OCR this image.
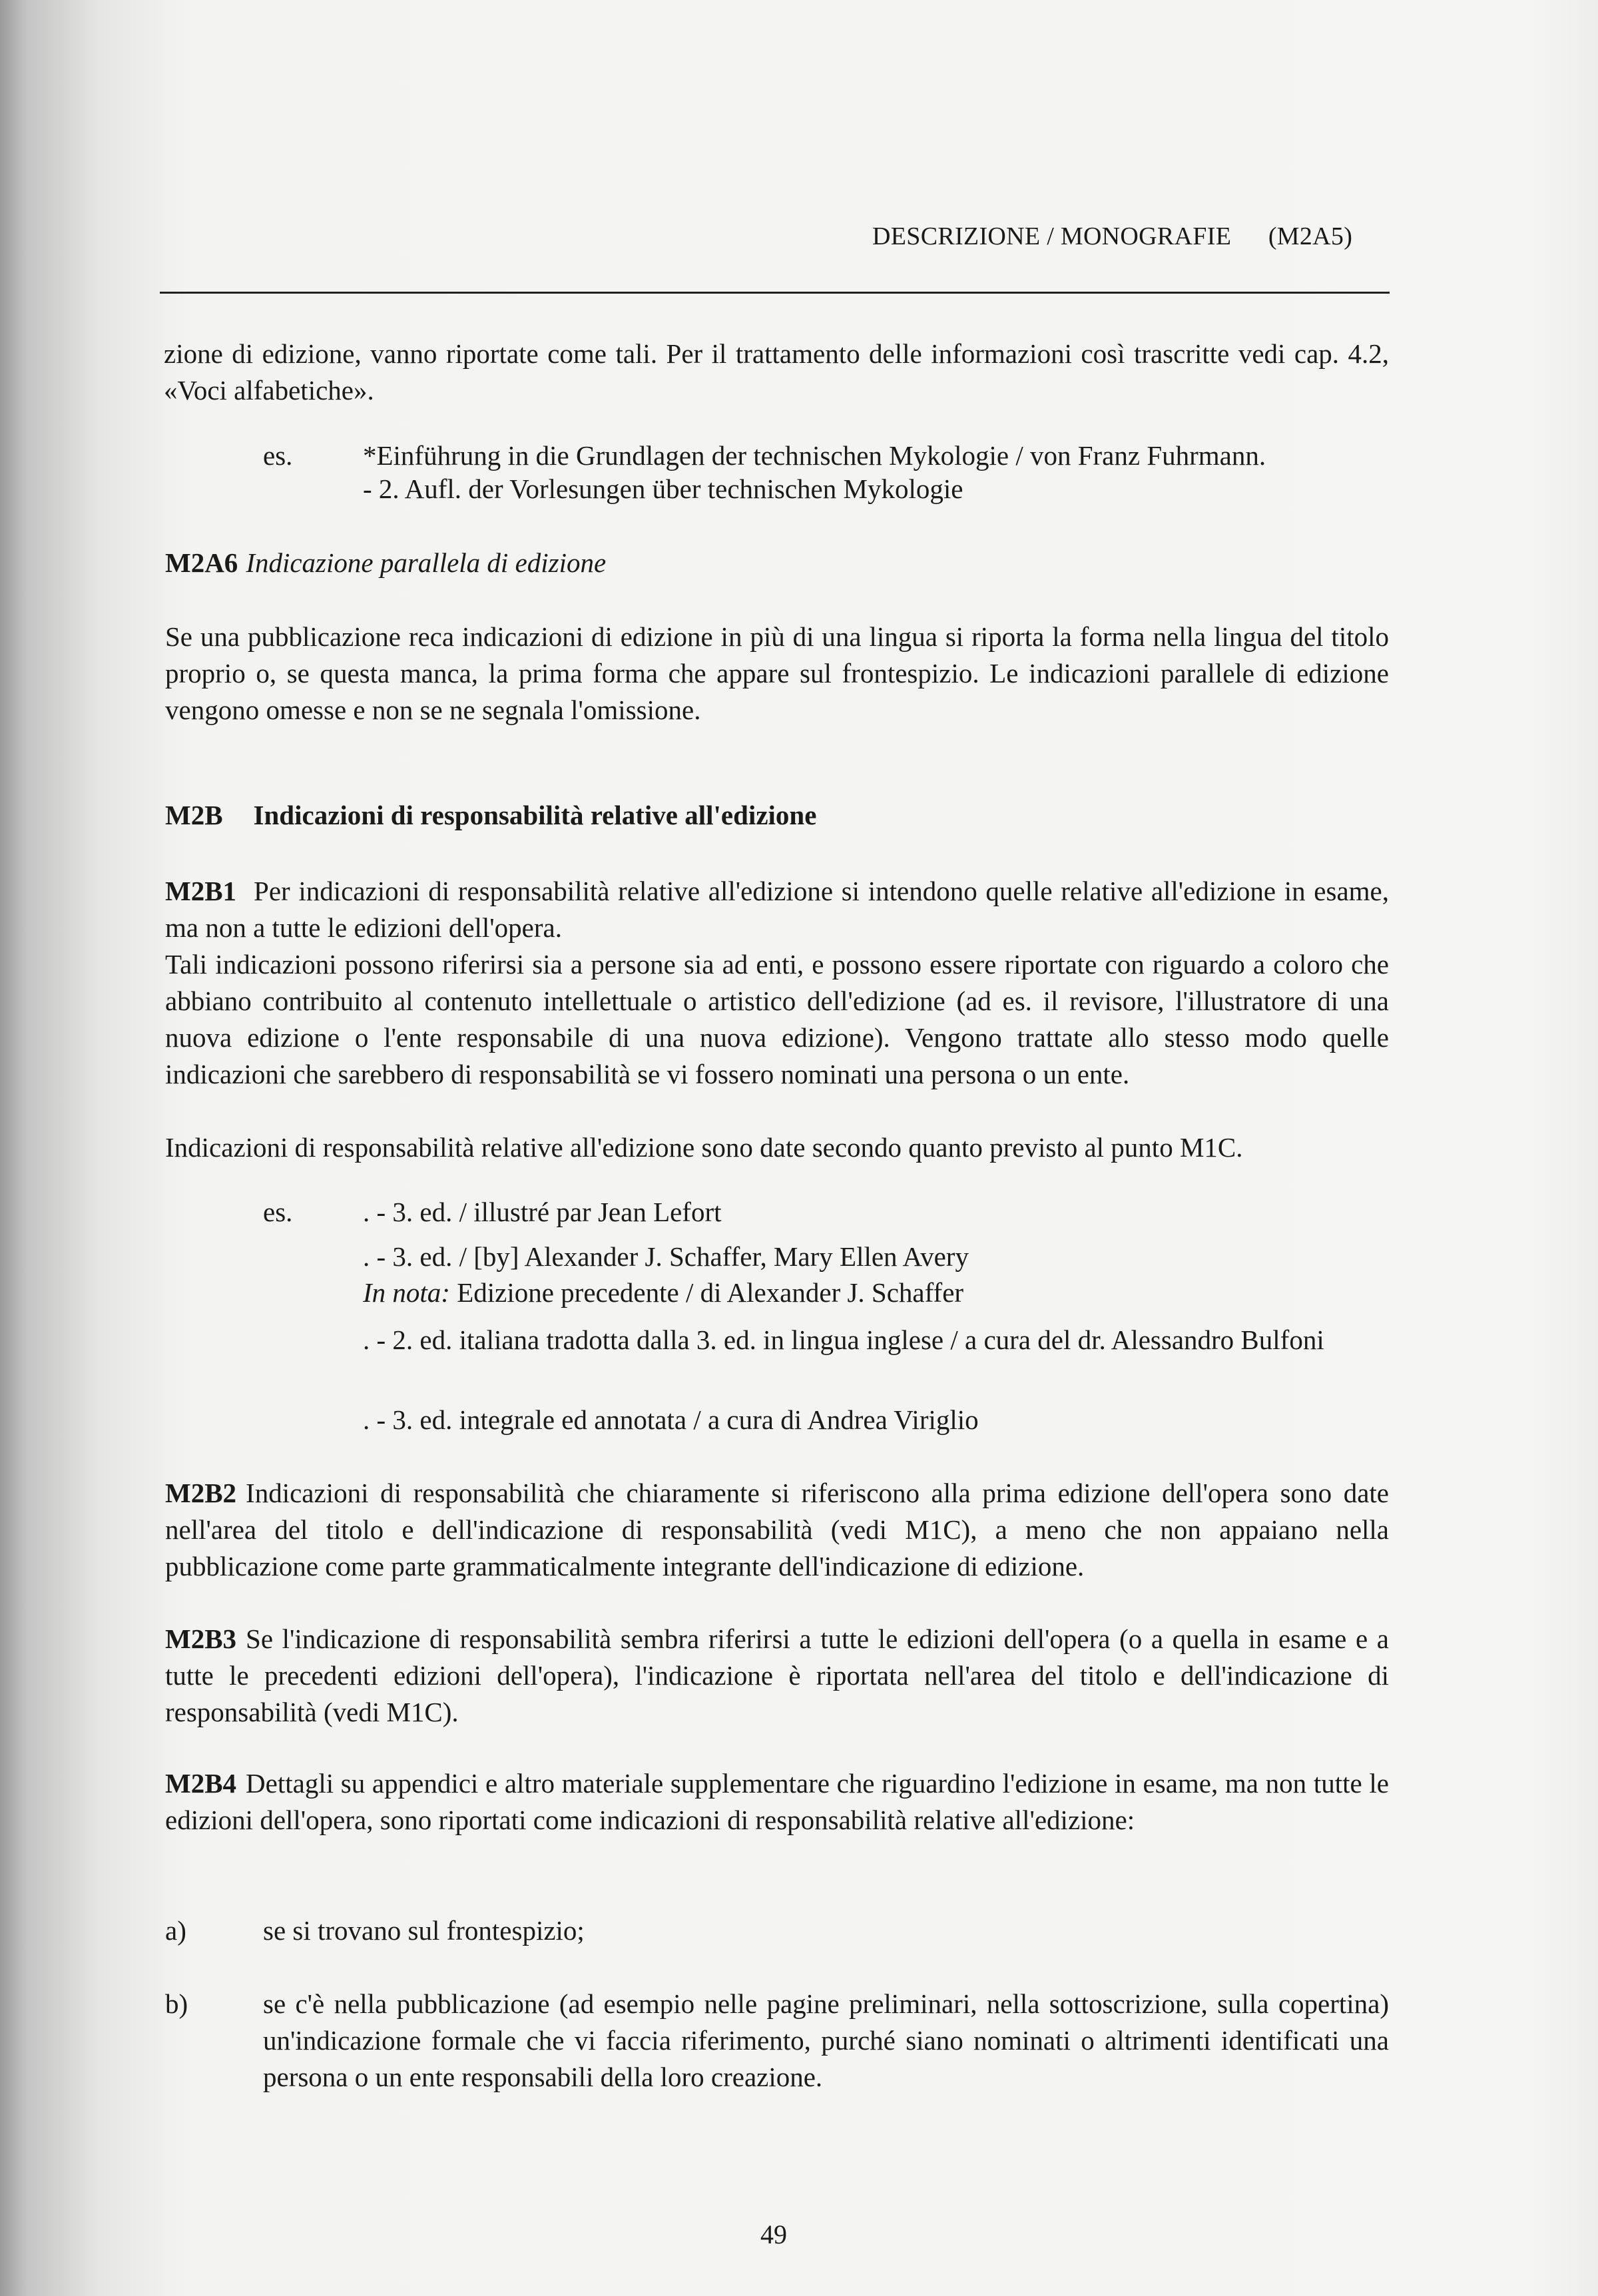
DESCRIZIONE / MONOGRAFIE (M2A5)
zione di edizione, vanno riportate come tali. Per il trattamento delle informazioni così trascritte vedi cap. 4.2, «Voci alfabetiche».
es.	*Einführung in die Grundlagen der technischen Mykologie / von Franz Fuhrmann.
- 2. Aufl. der Vorlesungen über technischen Mykologie
M2A6 Indicazione parallela di edizione
Se una pubblicazione reca indicazioni di edizione in più di una lingua si riporta la forma nella lingua del titolo proprio o, se questa manca, la prima forma che appare sul frontespizio. Le indicazioni parallele di edizione vengono omesse e non se ne segnala l'omissione.
M2B Indicazioni di responsabilità relative all'edizione
M2B1 Per indicazioni di responsabilità relative all'edizione si intendono quelle relative all'edizione in esame, ma non a tutte le edizioni dell'opera.
Tali indicazioni possono riferirsi sia a persone sia ad enti, e possono essere riportate con riguardo a coloro che abbiano contribuito al contenuto intellettuale o artistico dell'edizione (ad es. il revisore, l'illustratore di una nuova edizione o l'ente responsabile di una nuova edizione). Vengono trattate allo stesso modo quelle indicazioni che sarebbero di responsabilità se vi fossero nominati una persona o un ente.
Indicazioni di responsabilità relative all'edizione sono date secondo quanto previsto al punto M1C.
es.	. - 3. ed. / illustré par Jean Lefort
. - 3. ed. / [by] Alexander J. Schaffer, Mary Ellen Avery
In nota: Edizione precedente / di Alexander J. Schaffer
. - 2. ed. italiana tradotta dalla 3. ed. in lingua inglese / a cura del dr. Alessandro Bulfoni
. - 3. ed. integrale ed annotata / a cura di Andrea Viriglio
M2B2 Indicazioni di responsabilità che chiaramente si riferiscono alla prima edizione dell'opera sono date nell'area del titolo e dell'indicazione di responsabilità (vedi M1C), a meno che non appaiano nella pubblicazione come parte grammaticalmente integrante dell'indicazione di edizione.
M2B3 Se l'indicazione di responsabilità sembra riferirsi a tutte le edizioni dell'opera (o a quella in esame e a tutte le precedenti edizioni dell'opera), l'indicazione è riportata nell'area del titolo e dell'indicazione di responsabilità (vedi M1C).
M2B4 Dettagli su appendici e altro materiale supplementare che riguardino l'edizione in esame, ma non tutte le edizioni dell'opera, sono riportati come indicazioni di responsabilità relative all'edizione:
a)	se si trovano sul frontespizio;
b)	se c'è nella pubblicazione (ad esempio nelle pagine preliminari, nella sottoscrizione, sulla copertina) un'indicazione formale che vi faccia riferimento, purché siano nominati o altrimenti identificati una persona o un ente responsabili della loro creazione.
49
